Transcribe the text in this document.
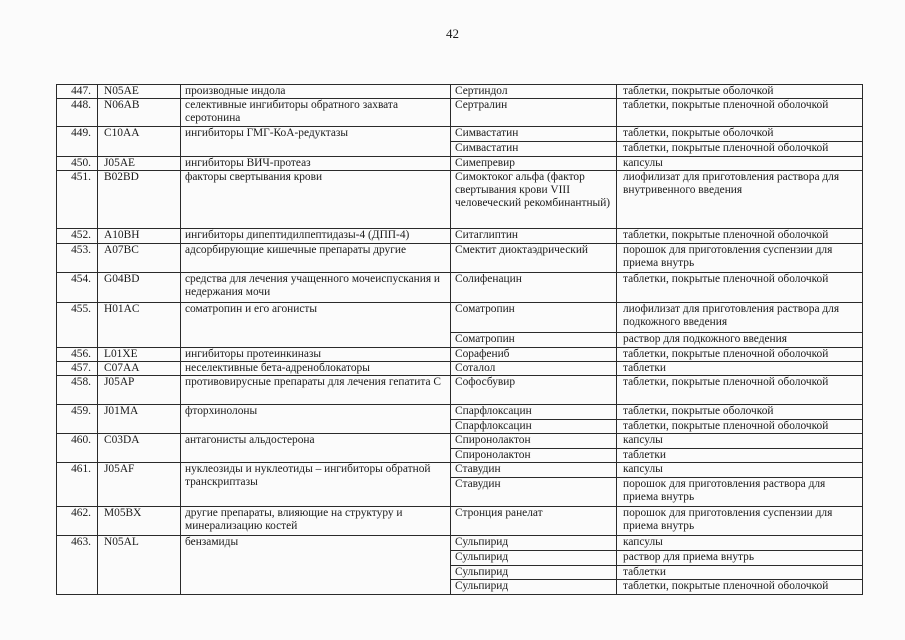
42
447.	N05AE	производные индола	Сертиндол	таблетки, покрытые оболочкой
448.	N06AB	селективные ингибиторы обратного захвата серотонина	Сертралин	таблетки, покрытые пленочной оболочкой
449.	C10AA	ингибиторы ГМГ-КоА-редуктазы	Симвастатин	таблетки, покрытые оболочкой
			Симвастатин	таблетки, покрытые пленочной оболочкой
450.	J05AE	ингибиторы ВИЧ-протеаз	Симепревир	капсулы
451.	B02BD	факторы свертывания крови	Симоктоког альфа (фактор свертывания крови VIII человеческий рекомбинантный)	лиофилизат для приготовления раствора для внутривенного введения
452.	A10BH	ингибиторы дипептидилпептидазы-4 (ДПП-4)	Ситаглиптин	таблетки, покрытые пленочной оболочкой
453.	A07BC	адсорбирующие кишечные препараты другие	Смектит диоктаэдрический	порошок для приготовления суспензии для приема внутрь
454.	G04BD	средства для лечения учащенного мочеиспускания и недержания мочи	Солифенацин	таблетки, покрытые пленочной оболочкой
455.	H01AC	соматропин и его агонисты	Соматропин	лиофилизат для приготовления раствора для подкожного введения
			Соматропин	раствор для подкожного введения
456.	L01XE	ингибиторы протеинкиназы	Сорафениб	таблетки, покрытые пленочной оболочкой
457.	C07AA	неселективные бета-адреноблокаторы	Соталол	таблетки
458.	J05AP	противовирусные препараты для лечения гепатита С	Софосбувир	таблетки, покрытые пленочной оболочкой
459.	J01MA	фторхинолоны	Спарфлоксацин	таблетки, покрытые оболочкой
			Спарфлоксацин	таблетки, покрытые пленочной оболочкой
460.	C03DA	антагонисты альдостерона	Спиронолактон	капсулы
			Спиронолактон	таблетки
461.	J05AF	нуклеозиды и нуклеотиды – ингибиторы обратной транскриптазы	Ставудин	капсулы
			Ставудин	порошок для приготовления раствора для приема внутрь
462.	M05BX	другие препараты, влияющие на структуру и минерализацию костей	Стронция ранелат	порошок для приготовления суспензии для приема внутрь
463.	N05AL	бензамиды	Сульпирид	капсулы
			Сульпирид	раствор для приема внутрь
			Сульпирид	таблетки
			Сульпирид	таблетки, покрытые пленочной оболочкой
